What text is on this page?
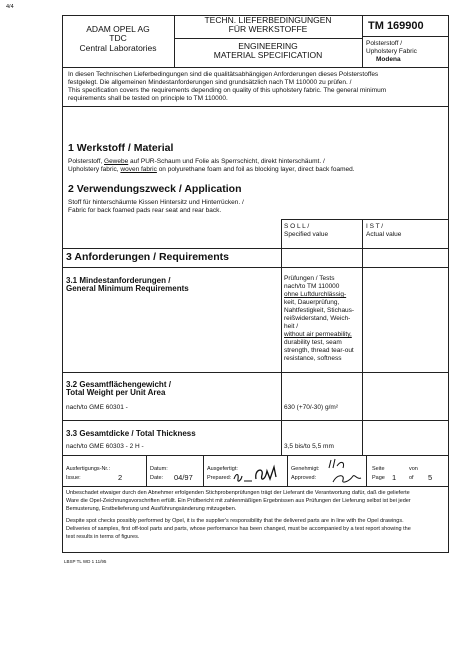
4/4
ADAM OPEL AG
TDC
Central Laboratories
TECHN. LIEFERBEDINGUNGEN
FÜR WERKSTOFFE
ENGINEERING
MATERIAL SPECIFICATION
TM 169900
Polsterstoff /
Upholstery Fabric
Modena
In diesen Technischen Lieferbedingungen sind die qualitätsabhängigen Anforderungen dieses Polsterstoffes
festgelegt. Die allgemeinen Mindestanforderungen sind grundsätzlich nach TM 110000 zu prüfen. /
This specification covers the requirements depending on quality of this upholstery fabric. The general minimum
requirements shall be tested on principle to TM 110000.
1 Werkstoff / Material
Polsterstoff, Gewebe auf PUR-Schaum und Folie als Sperrschicht, direkt hinterschäumt. /
Upholstery fabric, woven fabric on polyurethane foam and foil as blocking layer, direct back foamed.
2 Verwendungszweck / Application
Stoff für hinterschäumte Kissen Hintersitz und Hinterrücken. /
Fabric for back foamed pads rear seat and rear back.
S O L L /
Specified value
I S T /
Actual value
3 Anforderungen / Requirements
3.1 Mindestanforderungen /
General Minimum Requirements
Prüfungen / Tests
nach/to TM 110000
ohne Luftdurchlässig-
keit, Dauerprüfung,
Nahtfestigkeit, Stichaus-
reißwiderstand, Weich-
heit /
without air permeability,
durability test, seam
strength, thread tear-out
resistance, softness
3.2 Gesamtflächengewicht /
Total Weight per Unit Area
nach/to GME 60301 -	630 (+70/-30) g/m²
3.3 Gesamtdicke / Total Thickness
nach/to GME 60303 - 2 H -	3,5 bis/to 5,5 mm
Ausfertigungs-Nr.:
Issue:	2
Datum:
Date: 04/97
Ausgefertigt:
Prepared:
Genehmigt:
Approved:
Seite
Page 1
von
of 5
Unbeschadet etwaiger durch den Abnehmer erfolgenden Stichprobenprüfungen trägt der Lieferant die Verantwortung dafür, daß die gelieferte
Ware die Opel-Zeichnungsvorschriften erfüllt. Ein Prüfbericht mit zahlenmäßigen Ergebnissen aus Prüfungen der Lieferung selbst ist bei jeder
Bemusterung, Erstbelieferung und Ausführungsänderung mitzugeben.
Despite spot checks possibly performed by Opel, it is the supplier's responsibility that the delivered parts are in line with the Opel drawings.
Deliveries of samples, first off-tool parts and parts, whose performance has been changed, must be accompanied by a test report showing the
test results in terms of figures.
LBSP TL WD 1 11/95
